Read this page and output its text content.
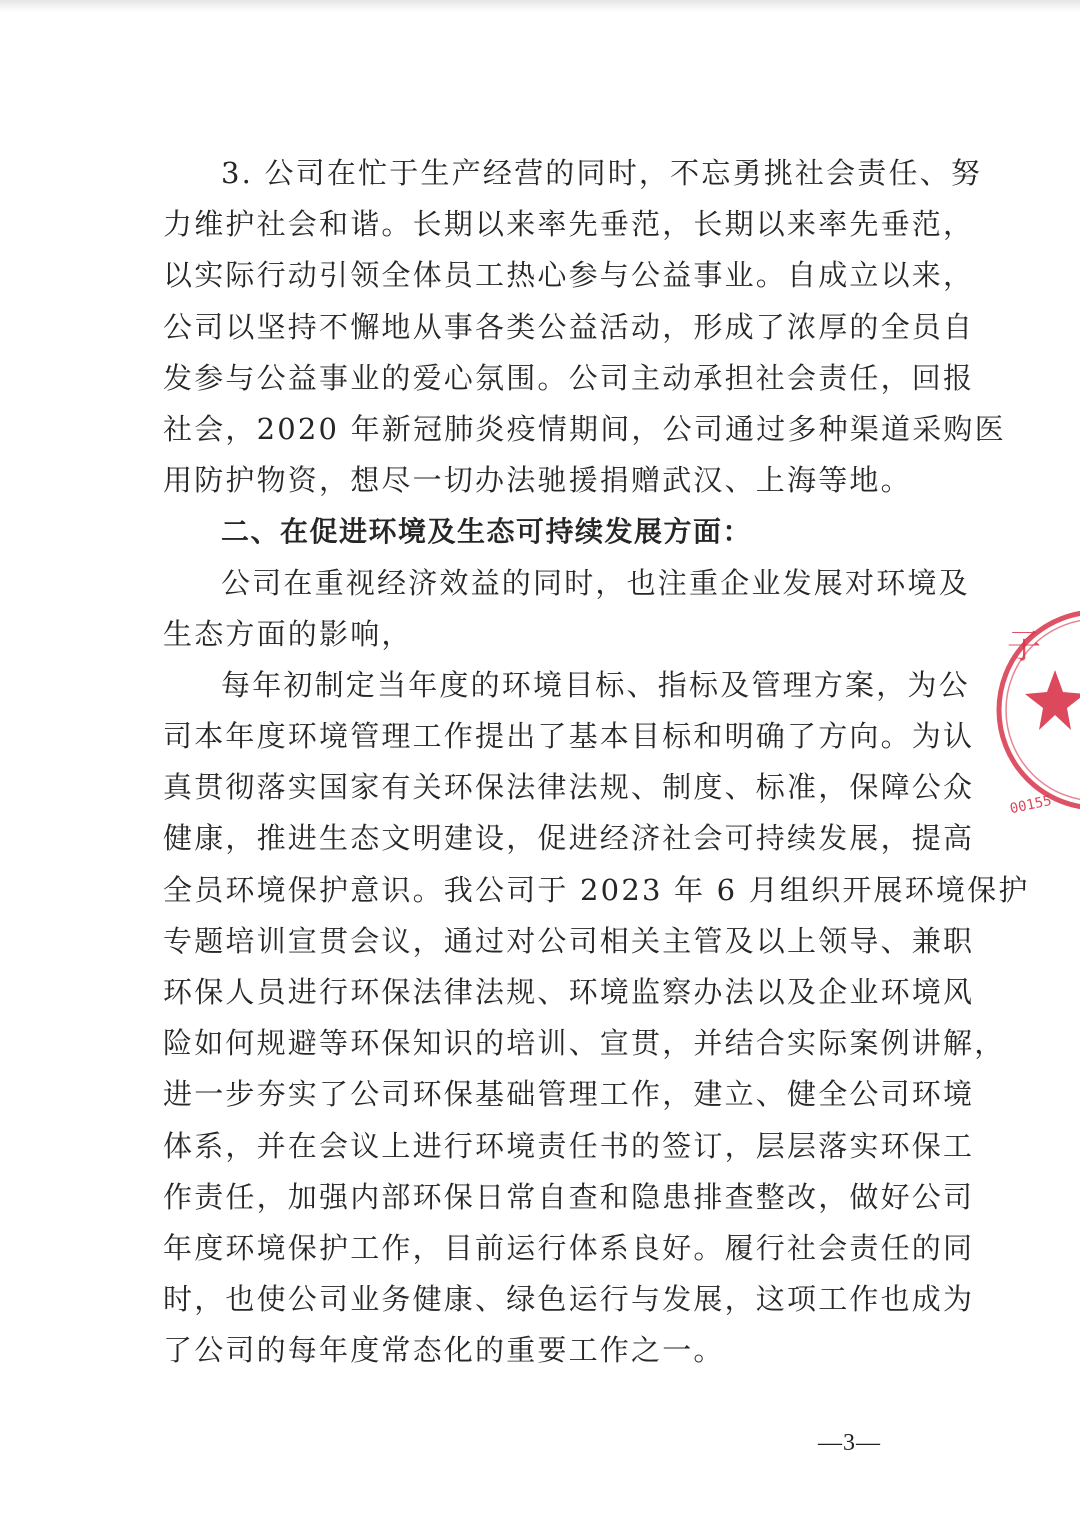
3. 公司在忙于生产经营的同时，不忘勇挑社会责任、努
力维护社会和谐。长期以来率先垂范，长期以来率先垂范，
以实际行动引领全体员工热心参与公益事业。自成立以来，
公司以坚持不懈地从事各类公益活动，形成了浓厚的全员自
发参与公益事业的爱心氛围。公司主动承担社会责任，回报
社会，2020 年新冠肺炎疫情期间，公司通过多种渠道采购医
用防护物资，想尽一切办法驰援捐赠武汉、上海等地。
二、在促进环境及生态可持续发展方面：
公司在重视经济效益的同时，也注重企业发展对环境及
生态方面的影响，
每年初制定当年度的环境目标、指标及管理方案，为公
司本年度环境管理工作提出了基本目标和明确了方向。为认
真贯彻落实国家有关环保法律法规、制度、标准，保障公众
健康，推进生态文明建设，促进经济社会可持续发展，提高
全员环境保护意识。我公司于 2023 年 6 月组织开展环境保护
专题培训宣贯会议，通过对公司相关主管及以上领导、兼职
环保人员进行环保法律法规、环境监察办法以及企业环境风
险如何规避等环保知识的培训、宣贯，并结合实际案例讲解，
进一步夯实了公司环保基础管理工作，建立、健全公司环境
体系，并在会议上进行环境责任书的签订，层层落实环保工
作责任，加强内部环保日常自查和隐患排查整改，做好公司
年度环境保护工作，目前运行体系良好。履行社会责任的同
时，也使公司业务健康、绿色运行与发展，这项工作也成为
了公司的每年度常态化的重要工作之一。
子
00155
—3—
